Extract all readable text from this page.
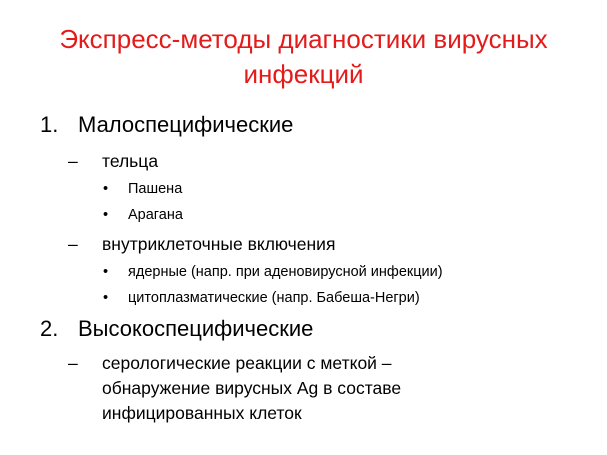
Экспресс-методы диагностики вирусных
инфекций
1. Малоспецифические
– тельца
• Пашена
• Арагана
– внутриклеточные включения
• ядерные (напр. при аденовирусной инфекции)
• цитоплазматические (напр. Бабеша-Негри)
2. Высокоспецифические
– серологические реакции с меткой –
обнаружение вирусных Ag в составе
инфицированных клеток
